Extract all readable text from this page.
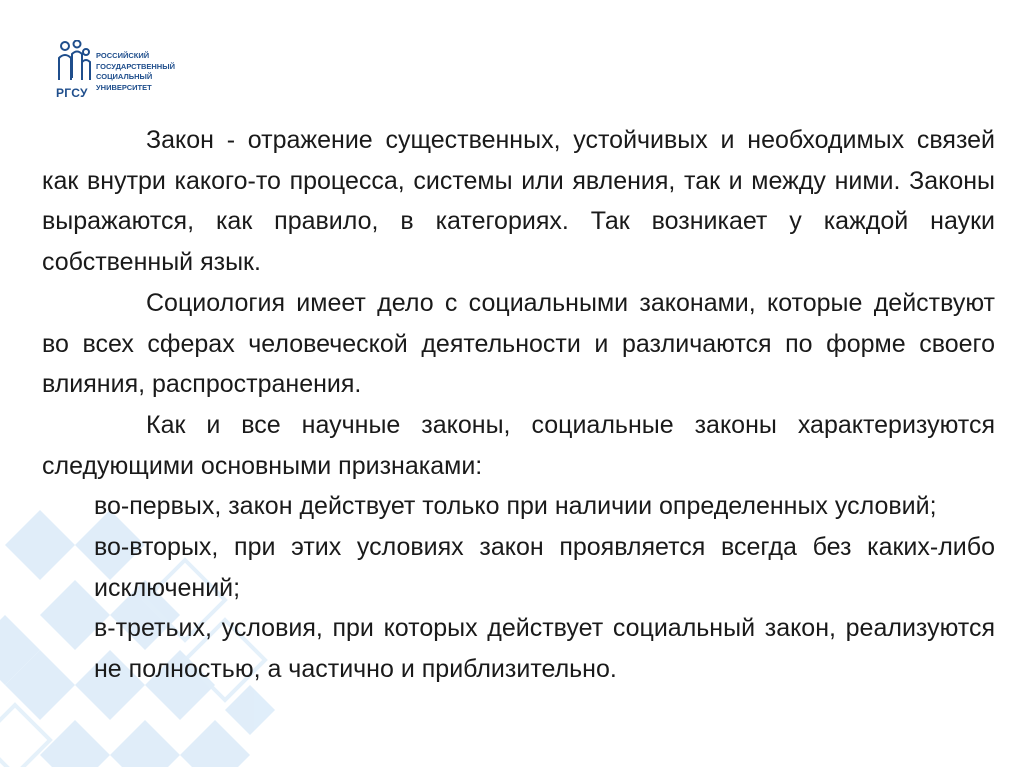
РГСУ
РОССИЙСКИЙ
ГОСУДАРСТВЕННЫЙ
СОЦИАЛЬНЫЙ
УНИВЕРСИТЕТ

Закон - отражение существенных, устойчивых и необходимых связей как внутри какого-то процесса, системы или явления, так и между ними. Законы выражаются, как правило, в категориях. Так возникает у каждой науки собственный язык.

Социология имеет дело с социальными законами, которые действуют во всех сферах человеческой деятельности и различаются по форме своего влияния, распространения.

Как и все научные законы, социальные законы характеризуются следующими основными признаками:

во-первых, закон действует только при наличии определенных условий;

во-вторых, при этих условиях закон проявляется всегда без каких-либо исключений;

в-третьих, условия, при которых действует социальный закон, реализуются не полностью, а частично и приблизительно.
